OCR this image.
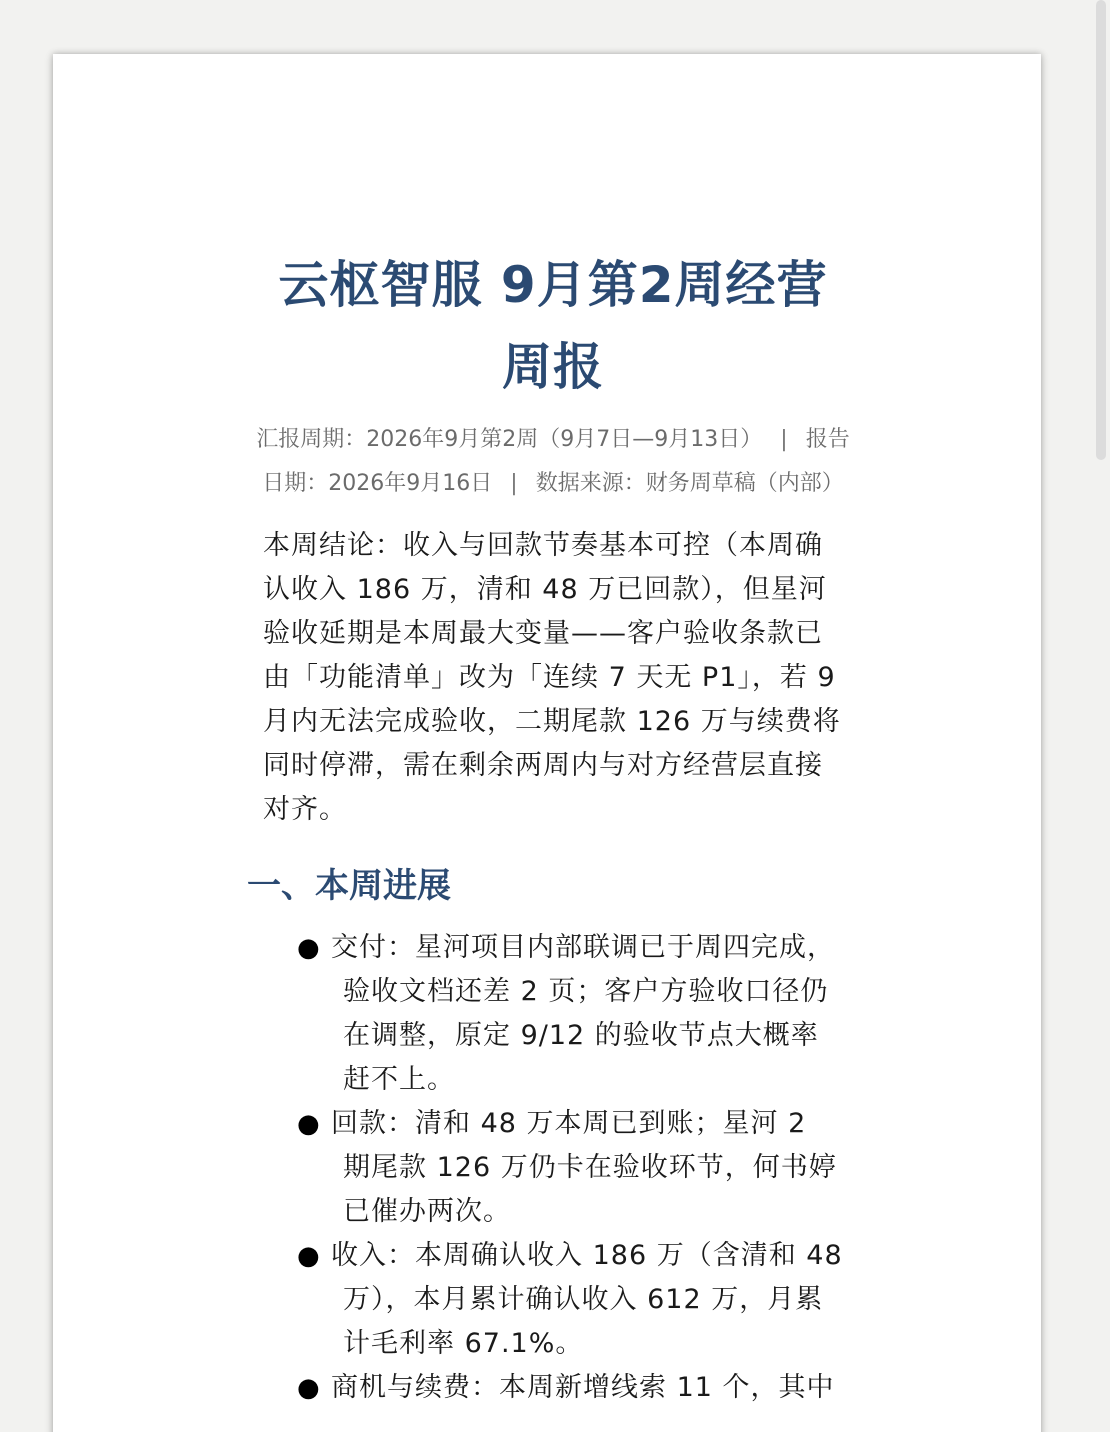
云枢智服 9月第2周经营周报
汇报周期：2026年9月第2周（9月7日—9月13日） | 报告日期：2026年9月16日 | 数据来源：财务周草稿（内部）

本周结论：收入与回款节奏基本可控（本周确认收入 186 万，清和 48 万已回款），但星河验收延期是本周最大变量——客户验收条款已由「功能清单」改为「连续 7 天无 P1」，若 9 月内无法完成验收，二期尾款 126 万与续费将同时停滞，需在剩余两周内与对方经营层直接对齐。

一、本周进展
● 交付：星河项目内部联调已于周四完成，验收文档还差 2 页；客户方验收口径仍在调整，原定 9/12 的验收节点大概率赶不上。
● 回款：清和 48 万本周已到账；星河 2 期尾款 126 万仍卡在验收环节，何书婷已催办两次。
● 收入：本周确认收入 186 万（含清和 48 万），本月累计确认收入 612 万，月累计毛利率 67.1%。
● 商机与续费：本周新增线索 11 个，其中
